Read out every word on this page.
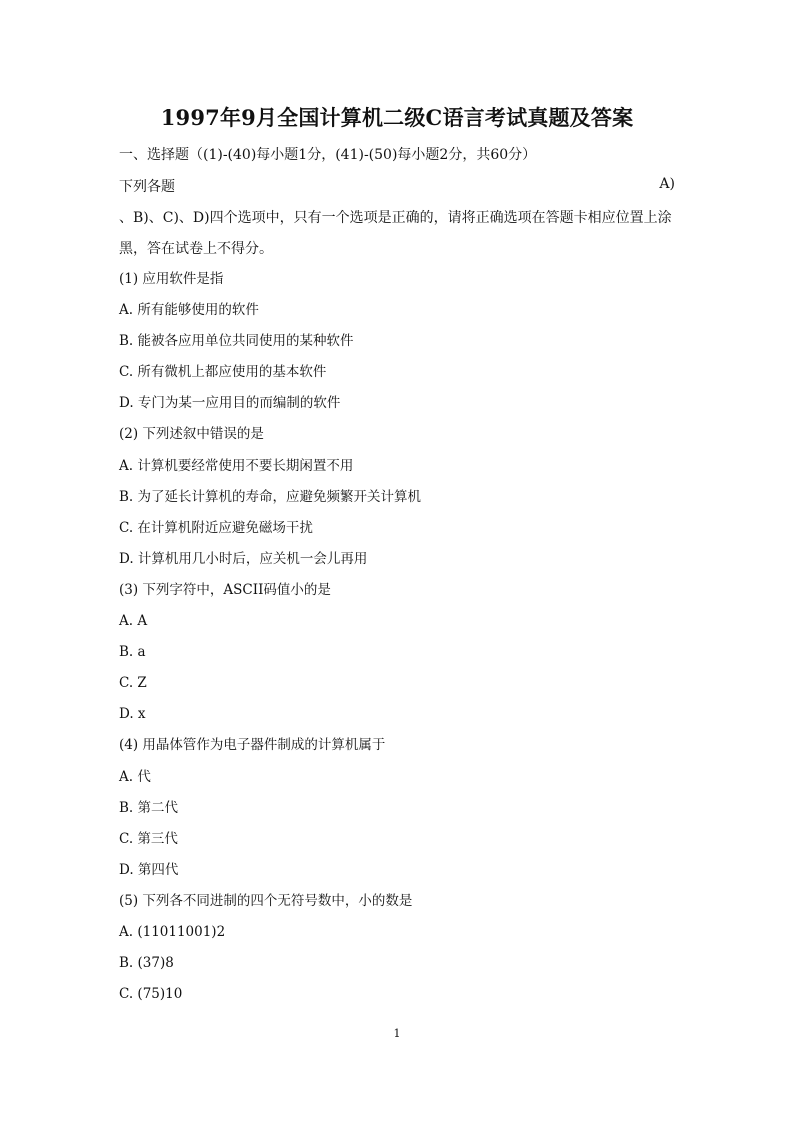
1997年9月全国计算机二级C语言考试真题及答案
一、选择题（(1)-(40)每小题1分，(41)-(50)每小题2分，共60分）
下列各题	A)
、B)、C)、D)四个选项中，只有一个选项是正确的，请将正确选项在答题卡相应位置上涂
黑，答在试卷上不得分。
(1) 应用软件是指
A. 所有能够使用的软件
B. 能被各应用单位共同使用的某种软件
C. 所有微机上都应使用的基本软件
D. 专门为某一应用目的而编制的软件
(2) 下列述叙中错误的是
A. 计算机要经常使用不要长期闲置不用
B. 为了延长计算机的寿命，应避免频繁开关计算机
C. 在计算机附近应避免磁场干扰
D. 计算机用几小时后，应关机一会儿再用
(3) 下列字符中，ASCII码值小的是
A. A
B. a
C. Z
D. x
(4) 用晶体管作为电子器件制成的计算机属于
A. 代
B. 第二代
C. 第三代
D. 第四代
(5) 下列各不同进制的四个无符号数中，小的数是
A. (11011001)2
B. (37)8
C. (75)10
1
